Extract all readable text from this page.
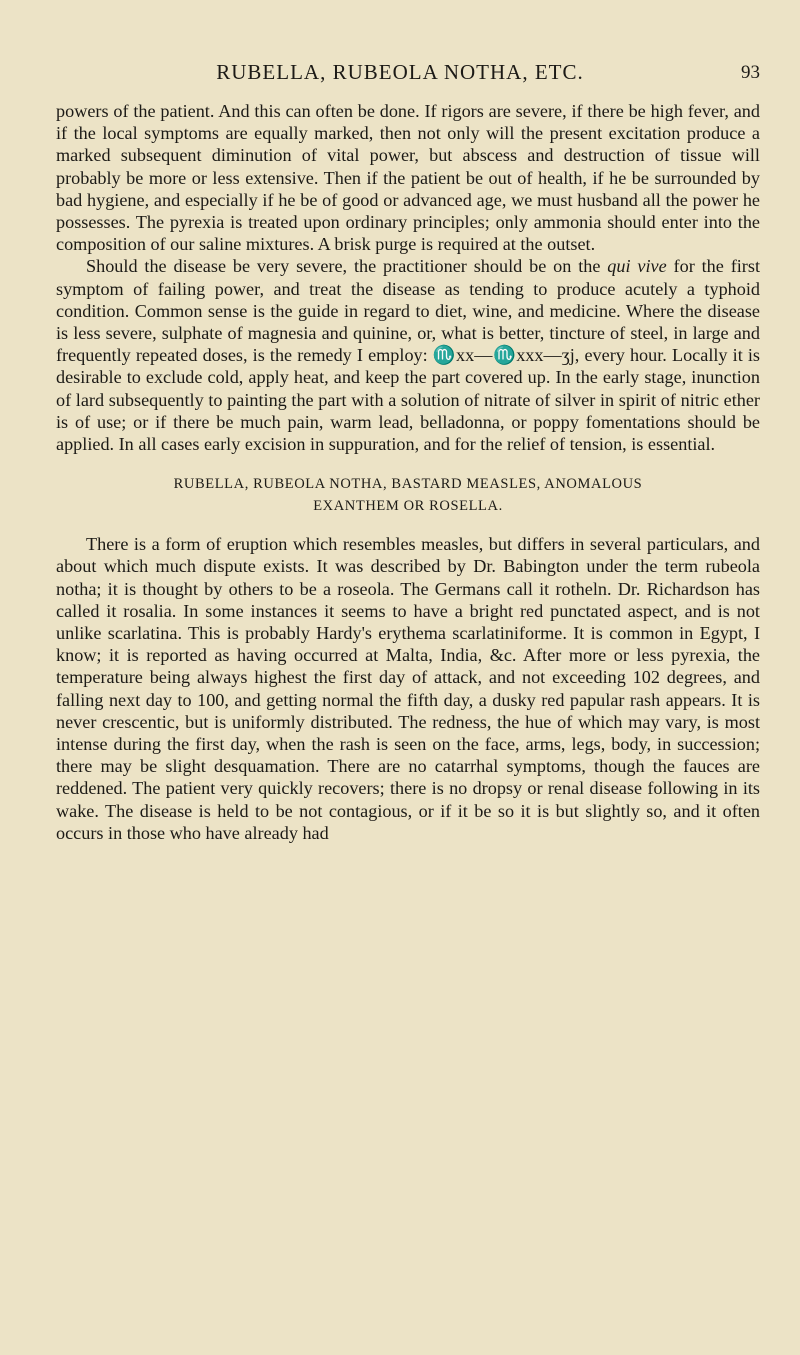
RUBELLA, RUBEOLA NOTHA, ETC.	93

powers of the patient. And this can often be done. If rigors are severe, if there be high fever, and if the local symptoms are equally marked, then not only will the present excitation produce a marked subsequent diminution of vital power, but abscess and destruction of tissue will probably be more or less extensive. Then if the patient be out of health, if he be surrounded by bad hygiene, and especially if he be of good or advanced age, we must husband all the power he possesses. The pyrexia is treated upon ordinary principles; only ammonia should enter into the composition of our saline mixtures. A brisk purge is required at the outset.

Should the disease be very severe, the practitioner should be on the qui vive for the first symptom of failing power, and treat the disease as tending to produce acutely a typhoid condition. Common sense is the guide in regard to diet, wine, and medicine. Where the disease is less severe, sulphate of magnesia and quinine, or, what is better, tincture of steel, in large and frequently repeated doses, is the remedy I employ: ♏xx—♏xxx—ʒj, every hour. Locally it is desirable to exclude cold, apply heat, and keep the part covered up. In the early stage, inunction of lard subsequently to painting the part with a solution of nitrate of silver in spirit of nitric ether is of use; or if there be much pain, warm lead, belladonna, or poppy fomentations should be applied. In all cases early excision in suppuration, and for the relief of tension, is essential.

RUBELLA, RUBEOLA NOTHA, BASTARD MEASLES, ANOMALOUS
EXANTHEM OR ROSELLA.

There is a form of eruption which resembles measles, but differs in several particulars, and about which much dispute exists. It was described by Dr. Babington under the term rubeola notha; it is thought by others to be a roseola. The Germans call it rotheln. Dr. Richardson has called it rosalia. In some instances it seems to have a bright red punctated aspect, and is not unlike scarlatina. This is probably Hardy's erythema scarlatiniforme. It is common in Egypt, I know; it is reported as having occurred at Malta, India, &c. After more or less pyrexia, the temperature being always highest the first day of attack, and not exceeding 102 degrees, and falling next day to 100, and getting normal the fifth day, a dusky red papular rash appears. It is never crescentic, but is uniformly distributed. The redness, the hue of which may vary, is most intense during the first day, when the rash is seen on the face, arms, legs, body, in succession; there may be slight desquamation. There are no catarrhal symptoms, though the fauces are reddened. The patient very quickly recovers; there is no dropsy or renal disease following in its wake. The disease is held to be not contagious, or if it be so it is but slightly so, and it often occurs in those who have already had
